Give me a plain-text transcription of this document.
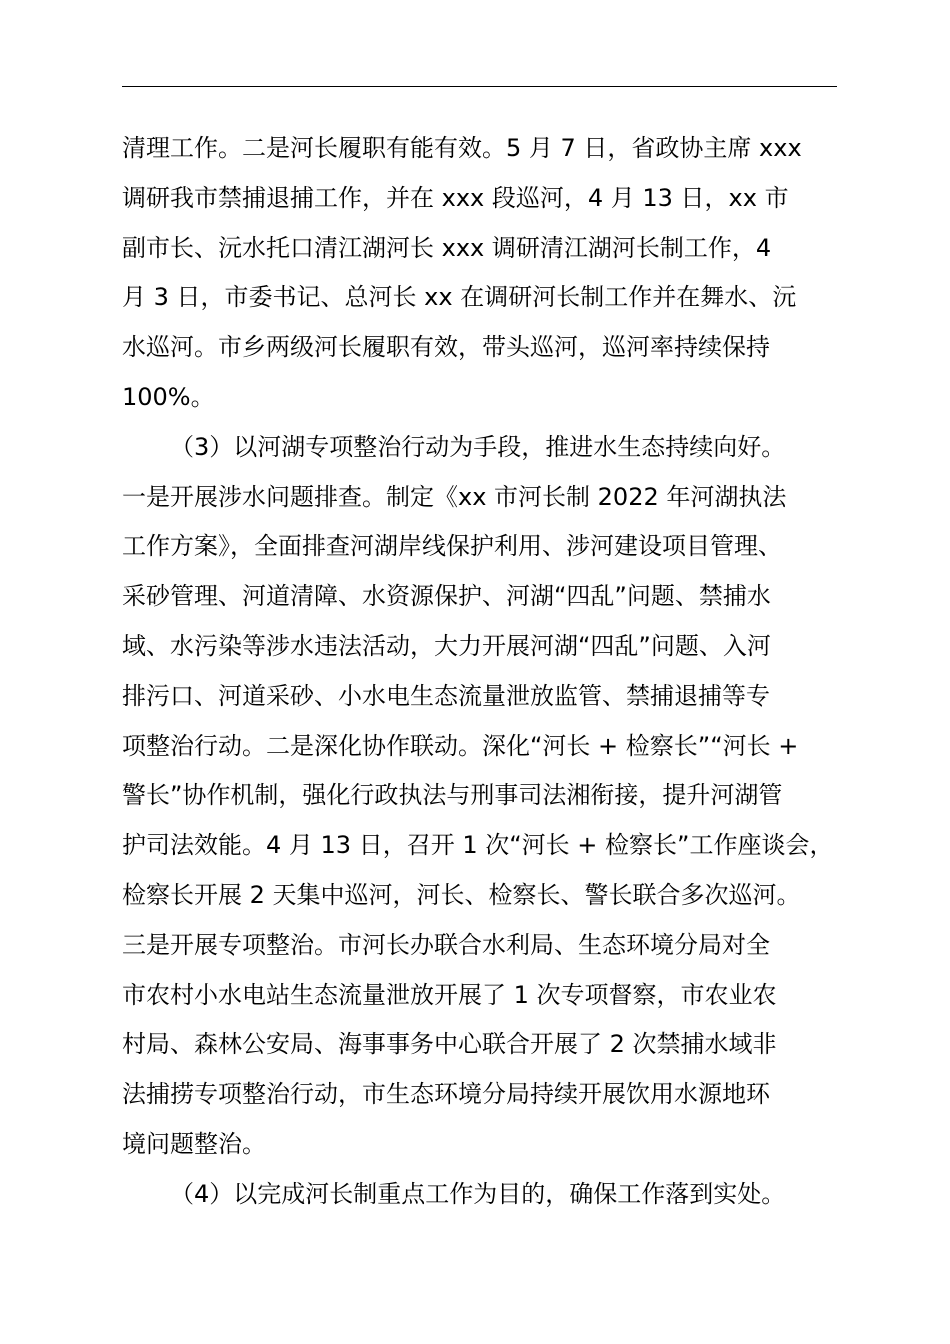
清理工作。二是河长履职有能有效。5 月 7 日，省政协主席 xxx
调研我市禁捕退捕工作，并在 xxx 段巡河，4 月 13 日，xx 市
副市长、沅水托口清江湖河长 xxx 调研清江湖河长制工作，4
月 3 日，市委书记、总河长 xx 在调研河长制工作并在舞水、沅
水巡河。市乡两级河长履职有效，带头巡河，巡河率持续保持
100%。
（3）以河湖专项整治行动为手段，推进水生态持续向好。
一是开展涉水问题排查。制定《xx 市河长制 2022 年河湖执法
工作方案》，全面排查河湖岸线保护利用、涉河建设项目管理、
采砂管理、河道清障、水资源保护、河湖“四乱”问题、禁捕水
域、水污染等涉水违法活动，大力开展河湖“四乱”问题、入河
排污口、河道采砂、小水电生态流量泄放监管、禁捕退捕等专
项整治行动。二是深化协作联动。深化“河长 + 检察长”“河长 +
警长”协作机制，强化行政执法与刑事司法湘衔接，提升河湖管
护司法效能。4 月 13 日，召开 1 次“河长 + 检察长”工作座谈会，
检察长开展 2 天集中巡河，河长、检察长、警长联合多次巡河。
三是开展专项整治。市河长办联合水利局、生态环境分局对全
市农村小水电站生态流量泄放开展了 1 次专项督察，市农业农
村局、森林公安局、海事事务中心联合开展了 2 次禁捕水域非
法捕捞专项整治行动，市生态环境分局持续开展饮用水源地环
境问题整治。
（4）以完成河长制重点工作为目的，确保工作落到实处。
